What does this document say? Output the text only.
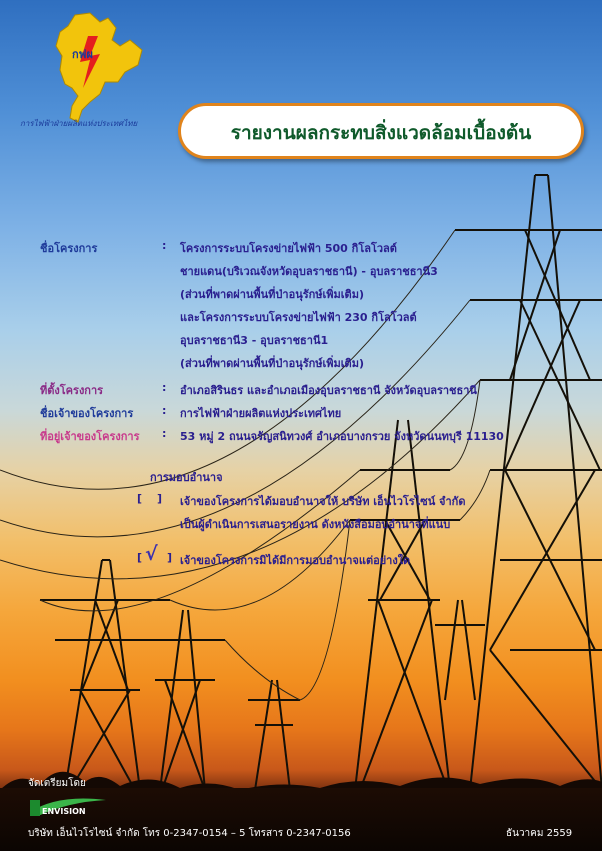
กฟผ
การไฟฟ้าฝ่ายผลิตแห่งประเทศไทย	รายงานผลกระทบสิ่งแวดล้อมเบื้องต้น
ชื่อโครงการ	: โครงการระบบโครงข่ายไฟฟ้า 500 กิโลโวลต์
ชายแดน(บริเวณจังหวัดอุบลราชธานี) - อุบลราชธานี3
(ส่วนที่พาดผ่านพื้นที่ป่าอนุรักษ์เพิ่มเติม)
และโครงการระบบโครงข่ายไฟฟ้า 230 กิโลโวลต์
อุบลราชธานี3 - อุบลราชธานี1
(ส่วนที่พาดผ่านพื้นที่ป่าอนุรักษ์เพิ่มเติม)
ที่ตั้งโครงการ	: อำเภอสิรินธร และอำเภอเมืองอุบลราชธานี จังหวัดอุบลราชธานี
ชื่อเจ้าของโครงการ	: การไฟฟ้าฝ่ายผลิตแห่งประเทศไทย
ที่อยู่เจ้าของโครงการ : 53 หมู่ 2 ถนนจรัญสนิทวงศ์ อำเภอบางกรวย จังหวัดนนทบุรี 11130
การมอบอำนาจ
[ ] เจ้าของโครงการได้มอบอำนาจให้ บริษัท เอ็นไวโรไซน์ จำกัด
เป็นผู้ดำเนินการเสนอรายงาน ดังหนังสือมอบอำนาจที่แนบ
[ √ ] เจ้าของโครงการมิได้มีการมอบอำนาจแต่อย่างใด
จัดเตรียมโดย
ENVISION
บริษัท เอ็นไวโรไซน์ จำกัด โทร 0-2347-0154 – 5 โทรสาร 0-2347-0156	ธันวาคม 2559
